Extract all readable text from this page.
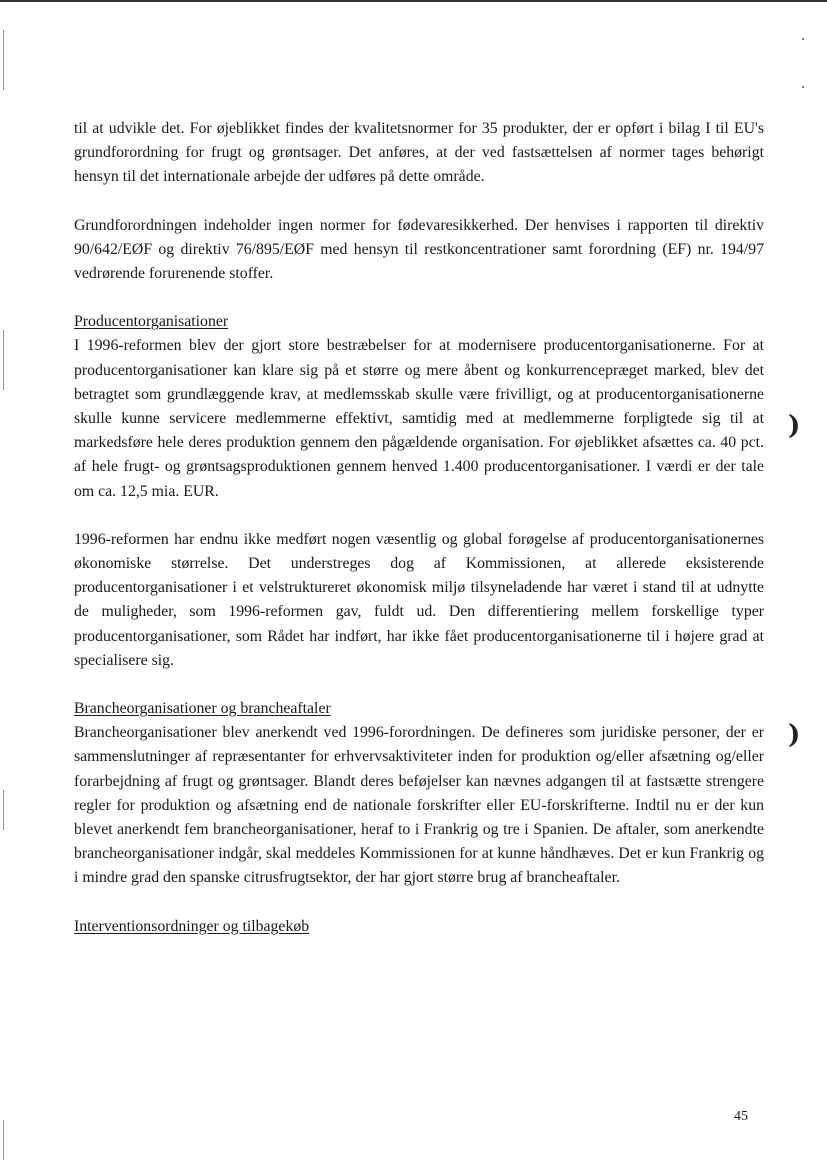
)
)

til at udvikle det. For øjeblikket findes der kvalitetsnormer for 35 produkter, der er opført i bilag I til EU's grundforordning for frugt og grøntsager. Det anføres, at der ved fastsættelsen af normer tages behørigt hensyn til det internationale arbejde der udføres på dette område.

Grundforordningen indeholder ingen normer for fødevaresikkerhed. Der henvises i rapporten til direktiv 90/642/EØF og direktiv 76/895/EØF med hensyn til restkoncentrationer samt forordning (EF) nr. 194/97 vedrørende forurenende stoffer.

Producentorganisationer

I 1996-reformen blev der gjort store bestræbelser for at modernisere producentorganisationerne. For at producentorganisationer kan klare sig på et større og mere åbent og konkurrencepræget marked, blev det betragtet som grundlæggende krav, at medlemsskab skulle være frivilligt, og at producentorganisationerne skulle kunne servicere medlemmerne effektivt, samtidig med at medlemmerne forpligtede sig til at markedsføre hele deres produktion gennem den pågældende organisation. For øjeblikket afsættes ca. 40 pct. af hele frugt- og grøntsagsproduktionen gennem henved 1.400 producentorganisationer. I værdi er der tale om ca. 12,5 mia. EUR.

1996-reformen har endnu ikke medført nogen væsentlig og global forøgelse af producentorganisationernes økonomiske størrelse. Det understreges dog af Kommissionen, at allerede eksisterende producentorganisationer i et velstruktureret økonomisk miljø tilsyneladende har været i stand til at udnytte de muligheder, som 1996-reformen gav, fuldt ud. Den differentiering mellem forskellige typer producentorganisationer, som Rådet har indført, har ikke fået producentorganisationerne til i højere grad at specialisere sig.

Brancheorganisationer og brancheaftaler

Brancheorganisationer blev anerkendt ved 1996-forordningen. De defineres som juridiske personer, der er sammenslutninger af repræsentanter for erhvervsaktiviteter inden for produktion og/eller afsætning og/eller forarbejdning af frugt og grøntsager. Blandt deres beføjelser kan nævnes adgangen til at fastsætte strengere regler for produktion og afsætning end de nationale forskrifter eller EU-forskrifterne. Indtil nu er der kun blevet anerkendt fem brancheorganisationer, heraf to i Frankrig og tre i Spanien. De aftaler, som anerkendte brancheorganisationer indgår, skal meddeles Kommissionen for at kunne håndhæves. Det er kun Frankrig og i mindre grad den spanske citrusfrugtsektor, der har gjort større brug af brancheaftaler.

Interventionsordninger og tilbagekøb

45
